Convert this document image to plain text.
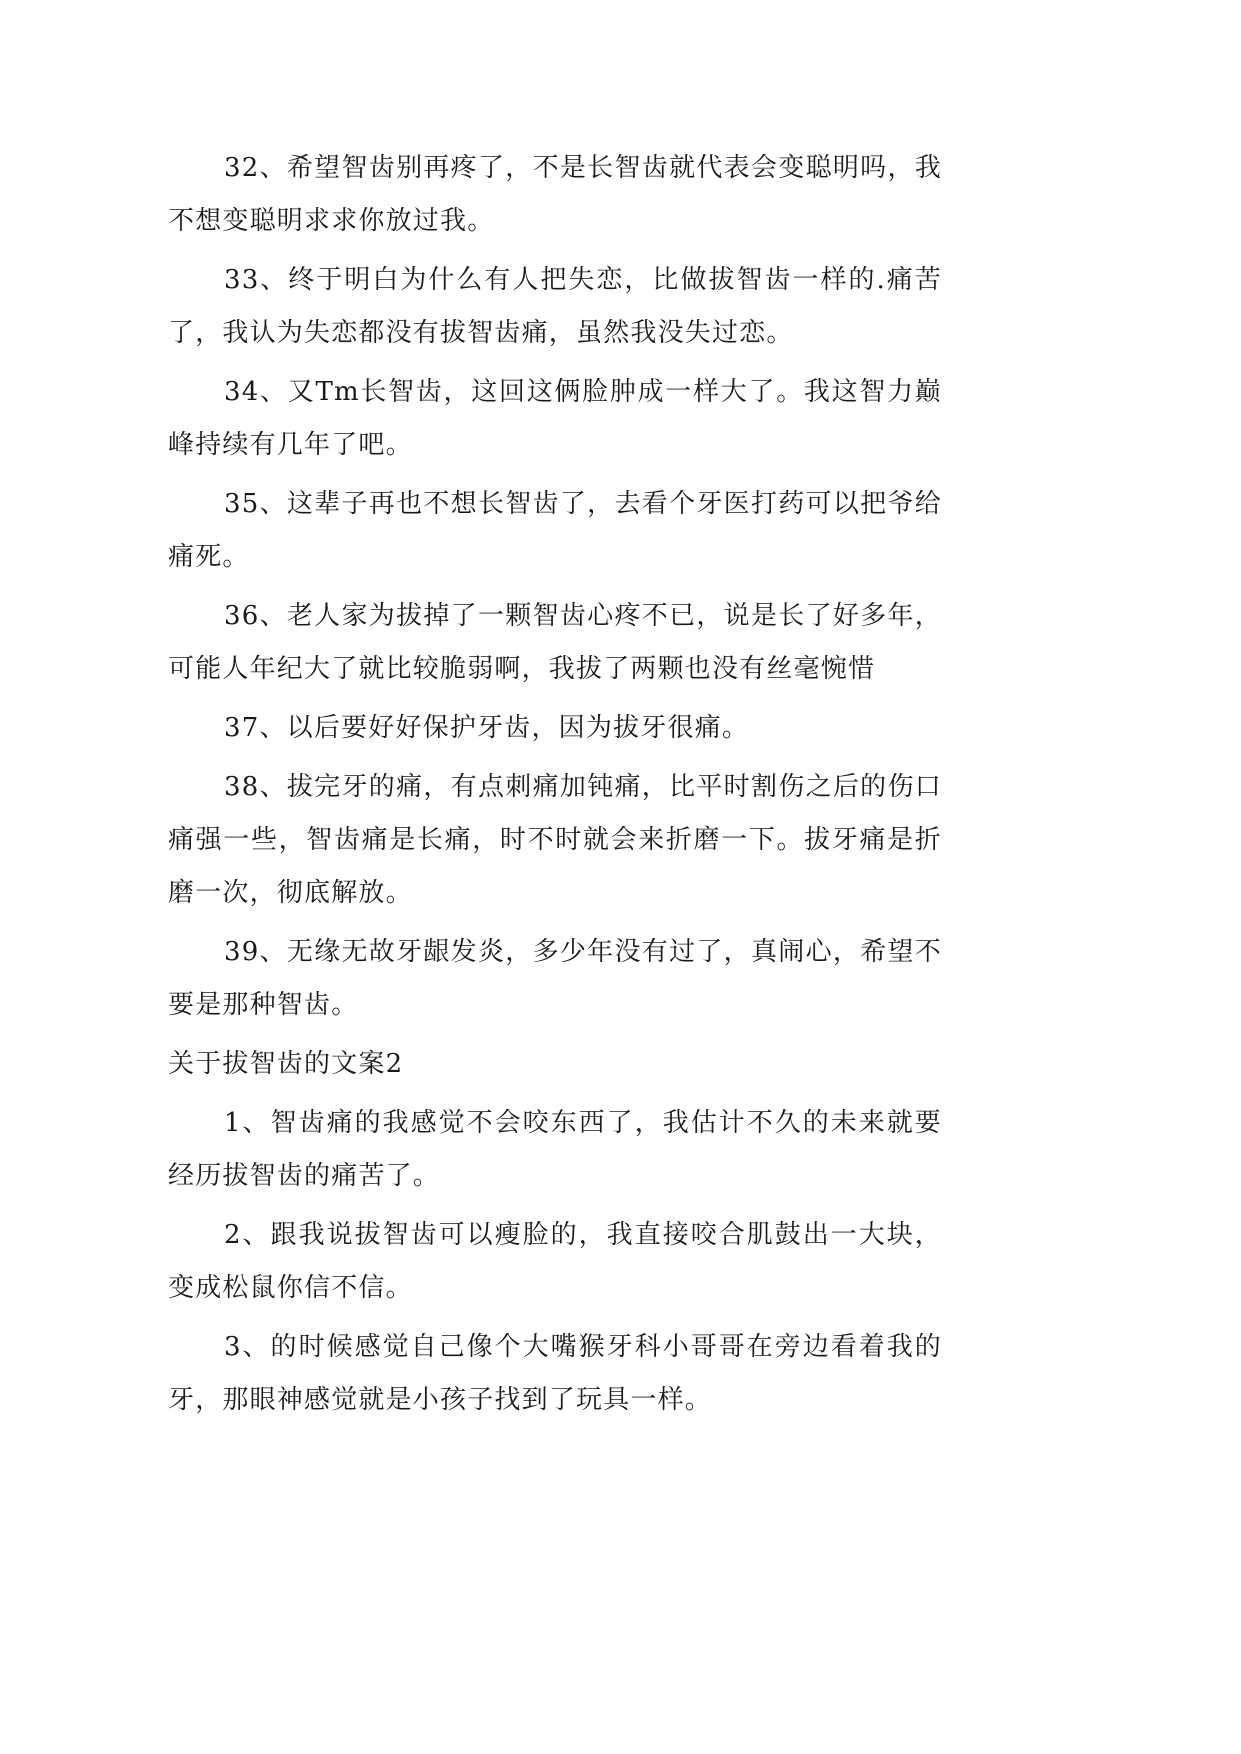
32、希望智齿别再疼了，不是长智齿就代表会变聪明吗，我不想变聪明求求你放过我。

33、终于明白为什么有人把失恋，比做拔智齿一样的.痛苦了，我认为失恋都没有拔智齿痛，虽然我没失过恋。

34、又Tm长智齿，这回这俩脸肿成一样大了。我这智力巅峰持续有几年了吧。

35、这辈子再也不想长智齿了，去看个牙医打药可以把爷给痛死。

36、老人家为拔掉了一颗智齿心疼不已，说是长了好多年，可能人年纪大了就比较脆弱啊，我拔了两颗也没有丝毫惋惜

37、以后要好好保护牙齿，因为拔牙很痛。

38、拔完牙的痛，有点刺痛加钝痛，比平时割伤之后的伤口痛强一些，智齿痛是长痛，时不时就会来折磨一下。拔牙痛是折磨一次，彻底解放。

39、无缘无故牙龈发炎，多少年没有过了，真闹心，希望不要是那种智齿。

关于拔智齿的文案2

1、智齿痛的我感觉不会咬东西了，我估计不久的未来就要经历拔智齿的痛苦了。

2、跟我说拔智齿可以瘦脸的，我直接咬合肌鼓出一大块，变成松鼠你信不信。

3、的时候感觉自己像个大嘴猴牙科小哥哥在旁边看着我的牙，那眼神感觉就是小孩子找到了玩具一样。
